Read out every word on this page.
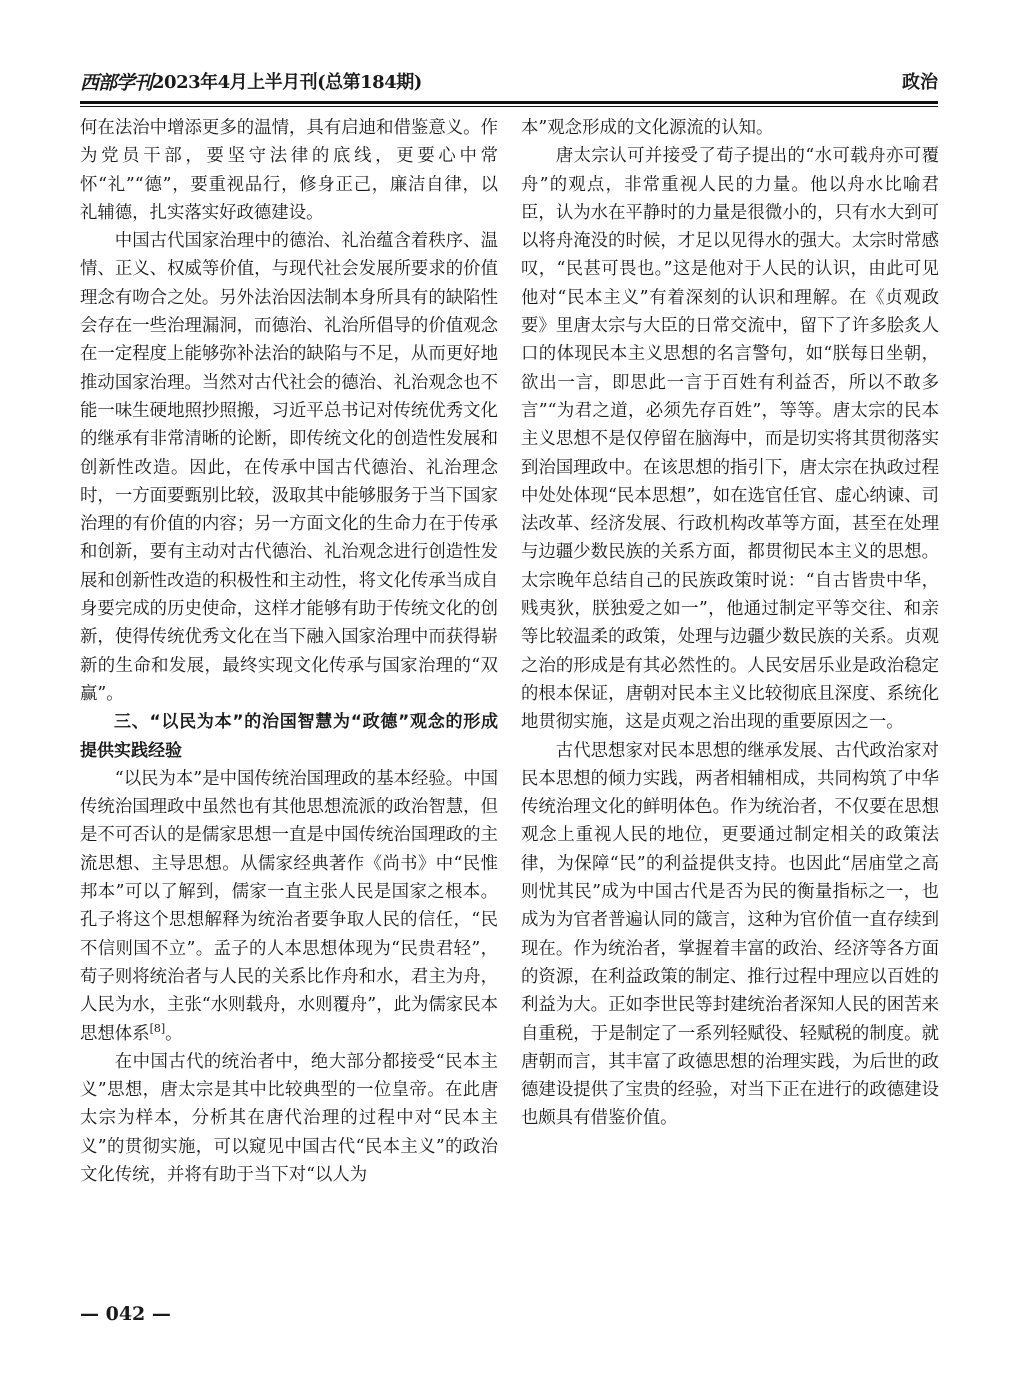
西部学刊 2023年4月上半月刊(总第184期)	政治

何在法治中增添更多的温情，具有启迪和借鉴意义。作为党员干部，要坚守法律的底线，更要心中常怀“礼”“德”，要重视品行，修身正己，廉洁自律，以礼辅德，扎实落实好政德建设。

中国古代国家治理中的德治、礼治蕴含着秩序、温情、正义、权威等价值，与现代社会发展所要求的价值理念有吻合之处。另外法治因法制本身所具有的缺陷性会存在一些治理漏洞，而德治、礼治所倡导的价值观念在一定程度上能够弥补法治的缺陷与不足，从而更好地推动国家治理。当然对古代社会的德治、礼治观念也不能一味生硬地照抄照搬，习近平总书记对传统优秀文化的继承有非常清晰的论断，即传统文化的创造性发展和创新性改造。因此，在传承中国古代德治、礼治理念时，一方面要甄别比较，汲取其中能够服务于当下国家治理的有价值的内容；另一方面文化的生命力在于传承和创新，要有主动对古代德治、礼治观念进行创造性发展和创新性改造的积极性和主动性，将文化传承当成自身要完成的历史使命，这样才能够有助于传统文化的创新，使得传统优秀文化在当下融入国家治理中而获得崭新的生命和发展，最终实现文化传承与国家治理的“双赢”。

三、“以民为本”的治国智慧为“政德”观念的形成提供实践经验

“以民为本”是中国传统治国理政的基本经验。中国传统治国理政中虽然也有其他思想流派的政治智慧，但是不可否认的是儒家思想一直是中国传统治国理政的主流思想、主导思想。从儒家经典著作《尚书》中“民惟邦本”可以了解到，儒家一直主张人民是国家之根本。孔子将这个思想解释为统治者要争取人民的信任，“民不信则国不立”。孟子的人本思想体现为“民贵君轻”，荀子则将统治者与人民的关系比作舟和水，君主为舟，人民为水，主张“水则载舟，水则覆舟”，此为儒家民本思想体系[8]。

在中国古代的统治者中，绝大部分都接受“民本主义”思想，唐太宗是其中比较典型的一位皇帝。在此唐太宗为样本，分析其在唐代治理的过程中对“民本主义”的贯彻实施，可以窥见中国古代“民本主义”的政治文化传统，并将有助于当下对“以人为

本”观念形成的文化源流的认知。

唐太宗认可并接受了荀子提出的“水可载舟亦可覆舟”的观点，非常重视人民的力量。他以舟水比喻君臣，认为水在平静时的力量是很微小的，只有水大到可以将舟淹没的时候，才足以见得水的强大。太宗时常感叹，“民甚可畏也。”这是他对于人民的认识，由此可见他对“民本主义”有着深刻的认识和理解。在《贞观政要》里唐太宗与大臣的日常交流中，留下了许多脍炙人口的体现民本主义思想的名言警句，如“朕每日坐朝，欲出一言，即思此一言于百姓有利益否，所以不敢多言”“为君之道，必须先存百姓”，等等。唐太宗的民本主义思想不是仅停留在脑海中，而是切实将其贯彻落实到治国理政中。在该思想的指引下，唐太宗在执政过程中处处体现“民本思想”，如在选官任官、虚心纳谏、司法改革、经济发展、行政机构改革等方面，甚至在处理与边疆少数民族的关系方面，都贯彻民本主义的思想。太宗晚年总结自己的民族政策时说：“自古皆贵中华，贱夷狄，朕独爱之如一”，他通过制定平等交往、和亲等比较温柔的政策，处理与边疆少数民族的关系。贞观之治的形成是有其必然性的。人民安居乐业是政治稳定的根本保证，唐朝对民本主义比较彻底且深度、系统化地贯彻实施，这是贞观之治出现的重要原因之一。

古代思想家对民本思想的继承发展、古代政治家对民本思想的倾力实践，两者相辅相成，共同构筑了中华传统治理文化的鲜明体色。作为统治者，不仅要在思想观念上重视人民的地位，更要通过制定相关的政策法律，为保障“民”的利益提供支持。也因此“居庙堂之高则忧其民”成为中国古代是否为民的衡量指标之一，也成为为官者普遍认同的箴言，这种为官价值一直存续到现在。作为统治者，掌握着丰富的政治、经济等各方面的资源，在利益政策的制定、推行过程中理应以百姓的利益为大。正如李世民等封建统治者深知人民的困苦来自重税，于是制定了一系列轻赋役、轻赋税的制度。就唐朝而言，其丰富了政德思想的治理实践，为后世的政德建设提供了宝贵的经验，对当下正在进行的政德建设也颇具有借鉴价值。

— 042 —
